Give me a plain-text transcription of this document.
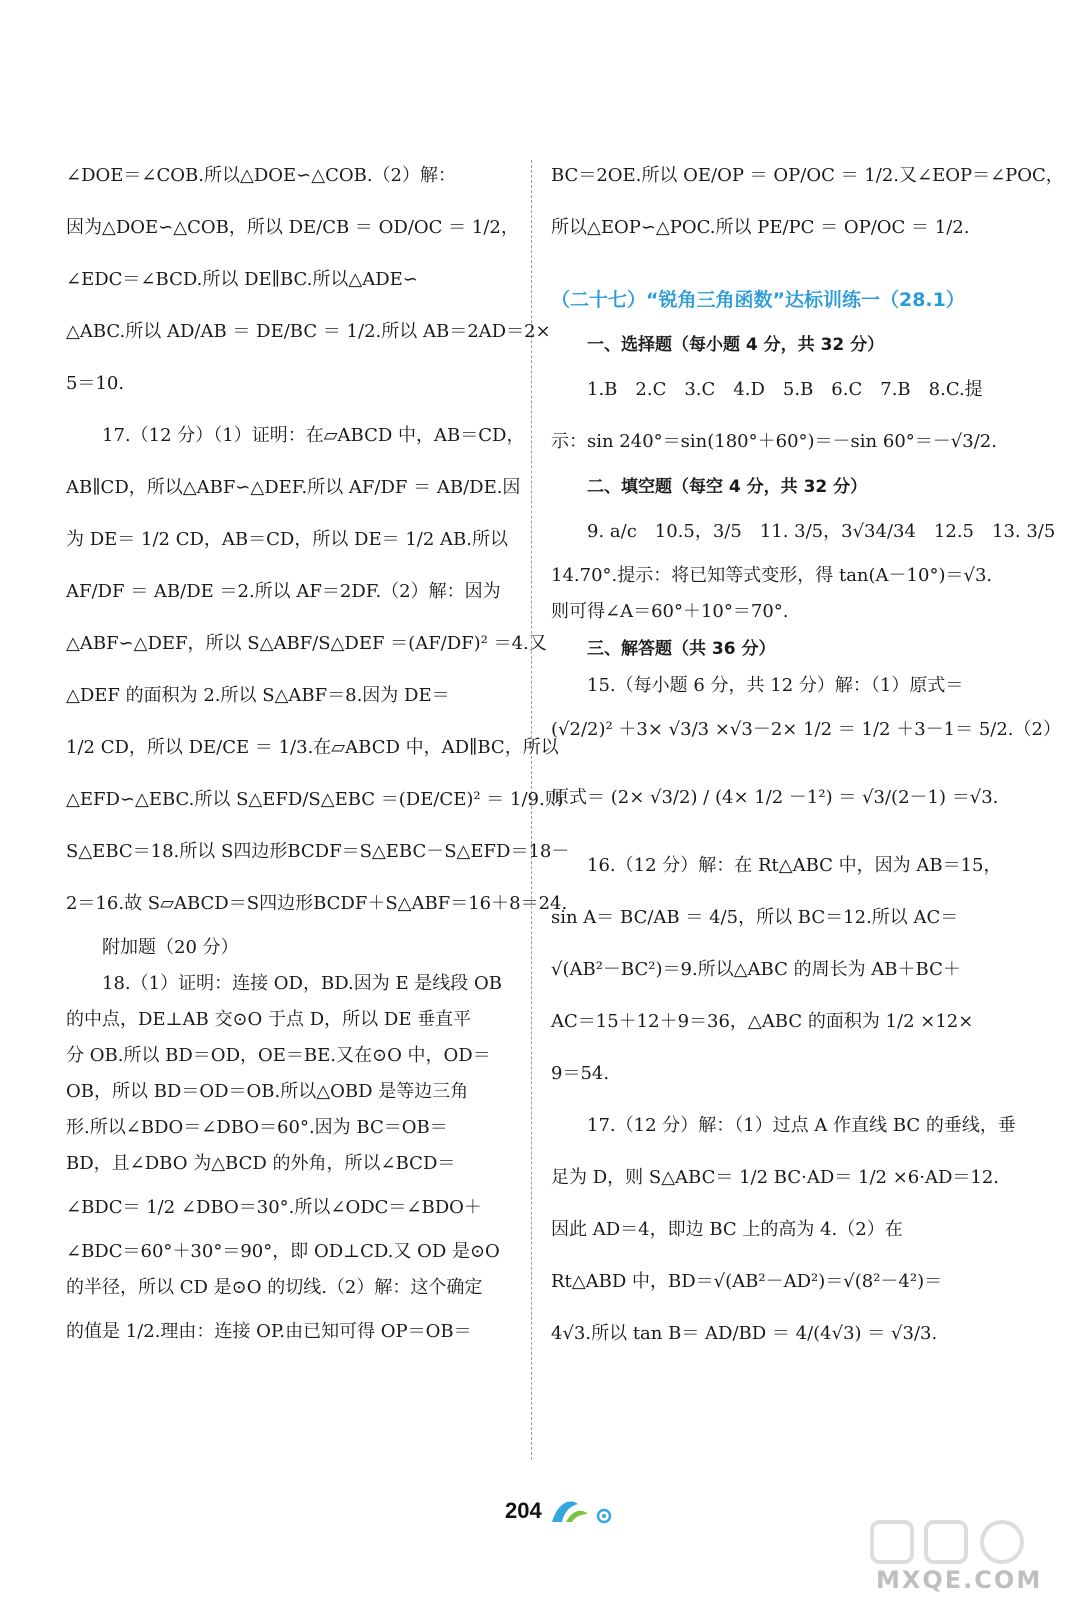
∠DOE＝∠COB.所以△DOE∽△COB.（2）解：
因为△DOE∽△COB，所以 DE/CB ＝ OD/OC ＝ 1/2，
∠EDC＝∠BCD.所以 DE∥BC.所以△ADE∽
△ABC.所以 AD/AB ＝ DE/BC ＝ 1/2.所以 AB＝2AD＝2×
5＝10.
17.（12 分）（1）证明：在▱ABCD 中，AB＝CD，
AB∥CD，所以△ABF∽△DEF.所以 AF/DF ＝ AB/DE.因
为 DE＝ 1/2 CD，AB＝CD，所以 DE＝ 1/2 AB.所以
AF/DF ＝ AB/DE ＝2.所以 AF＝2DF.（2）解：因为
△ABF∽△DEF，所以 S△ABF/S△DEF ＝(AF/DF)² ＝4.又
△DEF 的面积为 2.所以 S△ABF＝8.因为 DE＝
1/2 CD，所以 DE/CE ＝ 1/3.在▱ABCD 中，AD∥BC，所以
△EFD∽△EBC.所以 S△EFD/S△EBC ＝(DE/CE)² ＝ 1/9.则
S△EBC＝18.所以 S四边形BCDF＝S△EBC－S△EFD＝18－
2＝16.故 S▱ABCD＝S四边形BCDF＋S△ABF＝16＋8＝24.
附加题（20 分）
18.（1）证明：连接 OD，BD.因为 E 是线段 OB
的中点，DE⊥AB 交⊙O 于点 D，所以 DE 垂直平
分 OB.所以 BD＝OD，OE＝BE.又在⊙O 中，OD＝
OB，所以 BD＝OD＝OB.所以△OBD 是等边三角
形.所以∠BDO＝∠DBO＝60°.因为 BC＝OB＝
BD，且∠DBO 为△BCD 的外角，所以∠BCD＝
∠BDC＝ 1/2 ∠DBO＝30°.所以∠ODC＝∠BDO＋
∠BDC＝60°＋30°＝90°，即 OD⊥CD.又 OD 是⊙O
的半径，所以 CD 是⊙O 的切线.（2）解：这个确定
的值是 1/2.理由：连接 OP.由已知可得 OP＝OB＝
BC＝2OE.所以 OE/OP ＝ OP/OC ＝ 1/2.又∠EOP＝∠POC，
所以△EOP∽△POC.所以 PE/PC ＝ OP/OC ＝ 1/2.
（二十七）“锐角三角函数”达标训练一（28.1）
一、选择题（每小题 4 分，共 32 分）
1.B　2.C　3.C　4.D　5.B　6.C　7.B　8.C.提
示：sin 240°＝sin(180°＋60°)＝－sin 60°＝－√3/2.
二、填空题（每空 4 分，共 32 分）
9. a/c　10.5，3/5　11. 3/5，3√34/34　12.5　13. 3/5
14.70°.提示：将已知等式变形，得 tan(A－10°)＝√3.
则可得∠A＝60°＋10°＝70°.
三、解答题（共 36 分）
15.（每小题 6 分，共 12 分）解：（1）原式＝
(√2/2)² ＋3× √3/3 ×√3－2× 1/2 ＝ 1/2 ＋3－1＝ 5/2.（2）
原式＝ (2× √3/2) / (4× 1/2 －1²) ＝ √3/(2－1) ＝√3.
16.（12 分）解：在 Rt△ABC 中，因为 AB＝15，
sin A＝ BC/AB ＝ 4/5，所以 BC＝12.所以 AC＝
√(AB²－BC²)＝9.所以△ABC 的周长为 AB＋BC＋
AC＝15＋12＋9＝36，△ABC 的面积为 1/2 ×12×
9＝54.
17.（12 分）解：（1）过点 A 作直线 BC 的垂线，垂
足为 D，则 S△ABC＝ 1/2 BC·AD＝ 1/2 ×6·AD＝12.
因此 AD＝4，即边 BC 上的高为 4.（2）在
Rt△ABD 中，BD＝√(AB²－AD²)＝√(8²－4²)＝
4√3.所以 tan B＝ AD/BD ＝ 4/(4√3) ＝ √3/3.
204
MXQE.COM
